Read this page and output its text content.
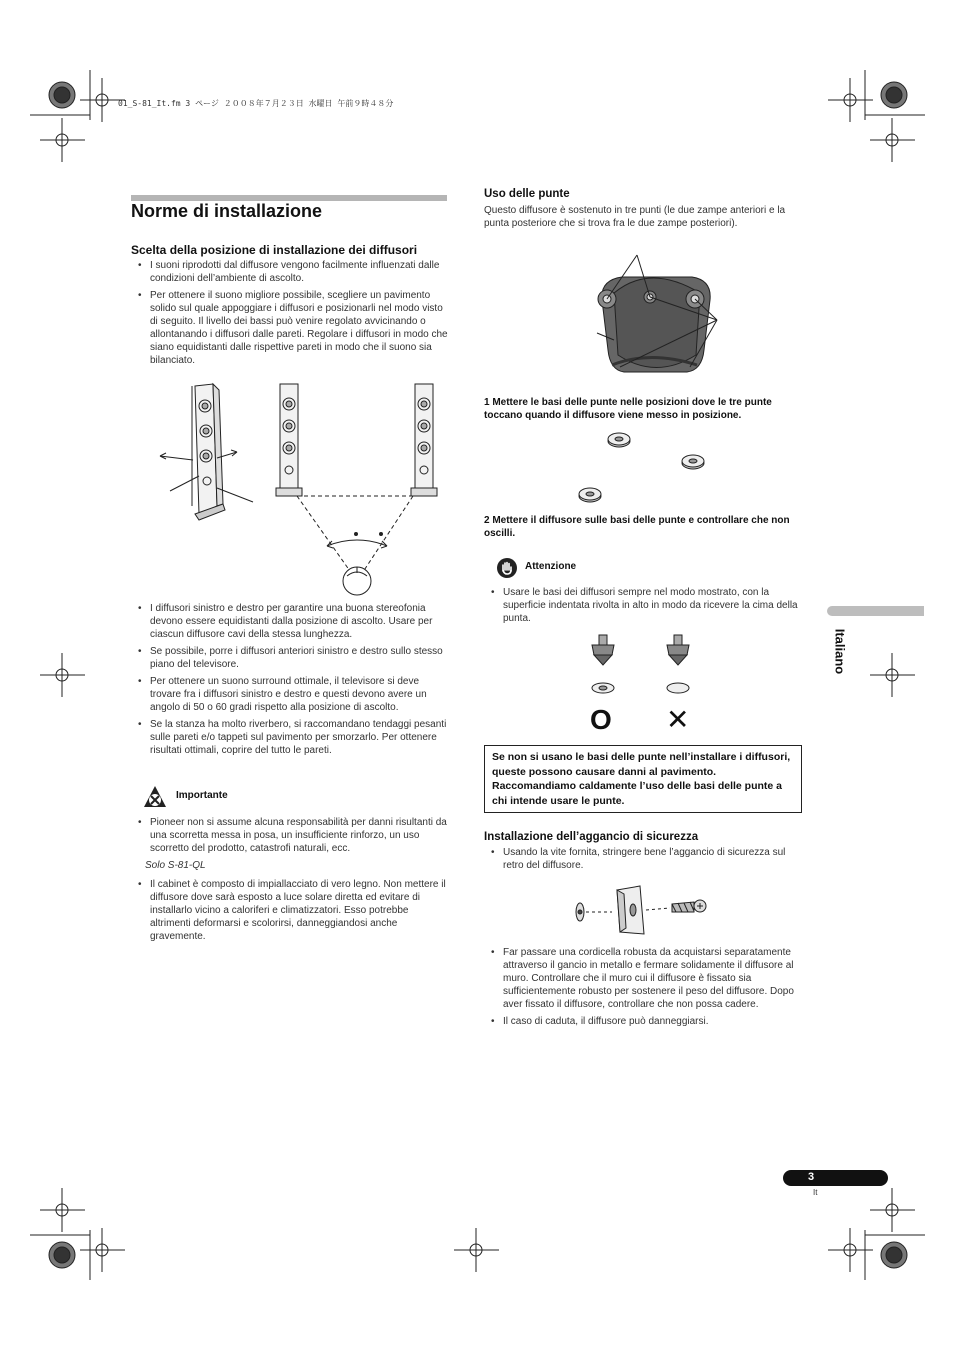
01_S-81_It.fm 3 ページ ２００８年７月２３日 水曜日 午前９時４８分
Norme di installazione
Scelta della posizione di installazione dei diffusori
• I suoni riprodotti dal diffusore vengono facilmente influenzati dalle condizioni dell’ambiente di ascolto.
• Per ottenere il suono migliore possibile, scegliere un pavimento solido sul quale appoggiare i diffusori e posizionarli nel modo visto di seguito. Il livello dei bassi può venire regolato avvicinando o allontanando i diffusori dalle pareti. Regolare i diffusori in modo che siano equidistanti dalle rispettive pareti in modo che il suono sia bilanciato.
• I diffusori sinistro e destro per garantire una buona stereofonia devono essere equidistanti dalla posizione di ascolto. Usare per ciascun diffusore cavi della stessa lunghezza.
• Se possibile, porre i diffusori anteriori sinistro e destro sullo stesso piano del televisore.
• Per ottenere un suono surround ottimale, il televisore si deve trovare fra i diffusori sinistro e destro e questi devono avere un angolo di 50 o 60 gradi rispetto alla posizione di ascolto.
• Se la stanza ha molto riverbero, si raccomandano tendaggi pesanti sulle pareti e/o tappeti sul pavimento per smorzarlo. Per ottenere risultati ottimali, coprire del tutto le pareti.
Importante
• Pioneer non si assume alcuna responsabilità per danni risultanti da una scorretta messa in posa, un insufficiente rinforzo, un uso scorretto del prodotto, catastrofi naturali, ecc.
Solo S-81-QL
• Il cabinet è composto di impiallacciato di vero legno. Non mettere il diffusore dove sarà esposto a luce solare diretta ed evitare di installarlo vicino a caloriferi e climatizzatori. Esso potrebbe altrimenti deformarsi e scolorirsi, danneggiandosi anche gravemente.
Uso delle punte
Questo diffusore è sostenuto in tre punti (le due zampe anteriori e la punta posteriore che si trova fra le due zampe posteriori).
1 Mettere le basi delle punte nelle posizioni dove le tre punte toccano quando il diffusore viene messo in posizione.
2 Mettere il diffusore sulle basi delle punte e controllare che non oscilli.
Attenzione
• Usare le basi dei diffusori sempre nel modo mostrato, con la superficie indentata rivolta in alto in modo da ricevere la cima della punta.
O ✕
Se non si usano le basi delle punte nell’installare i diffusori, queste possono causare danni al pavimento. Raccomandiamo caldamente l’uso delle basi delle punte a chi intende usare le punte.
Installazione dell’aggancio di sicurezza
• Usando la vite fornita, stringere bene l’aggancio di sicurezza sul retro del diffusore.
• Far passare una cordicella robusta da acquistarsi separatamente attraverso il gancio in metallo e fermare solidamente il diffusore al muro. Controllare che il muro cui il diffusore è fissato sia sufficientemente robusto per sostenere il peso del diffusore. Dopo aver fissato il diffusore, controllare che non possa cadere.
• Il caso di caduta, il diffusore può danneggiarsi.
Italiano
3
It
